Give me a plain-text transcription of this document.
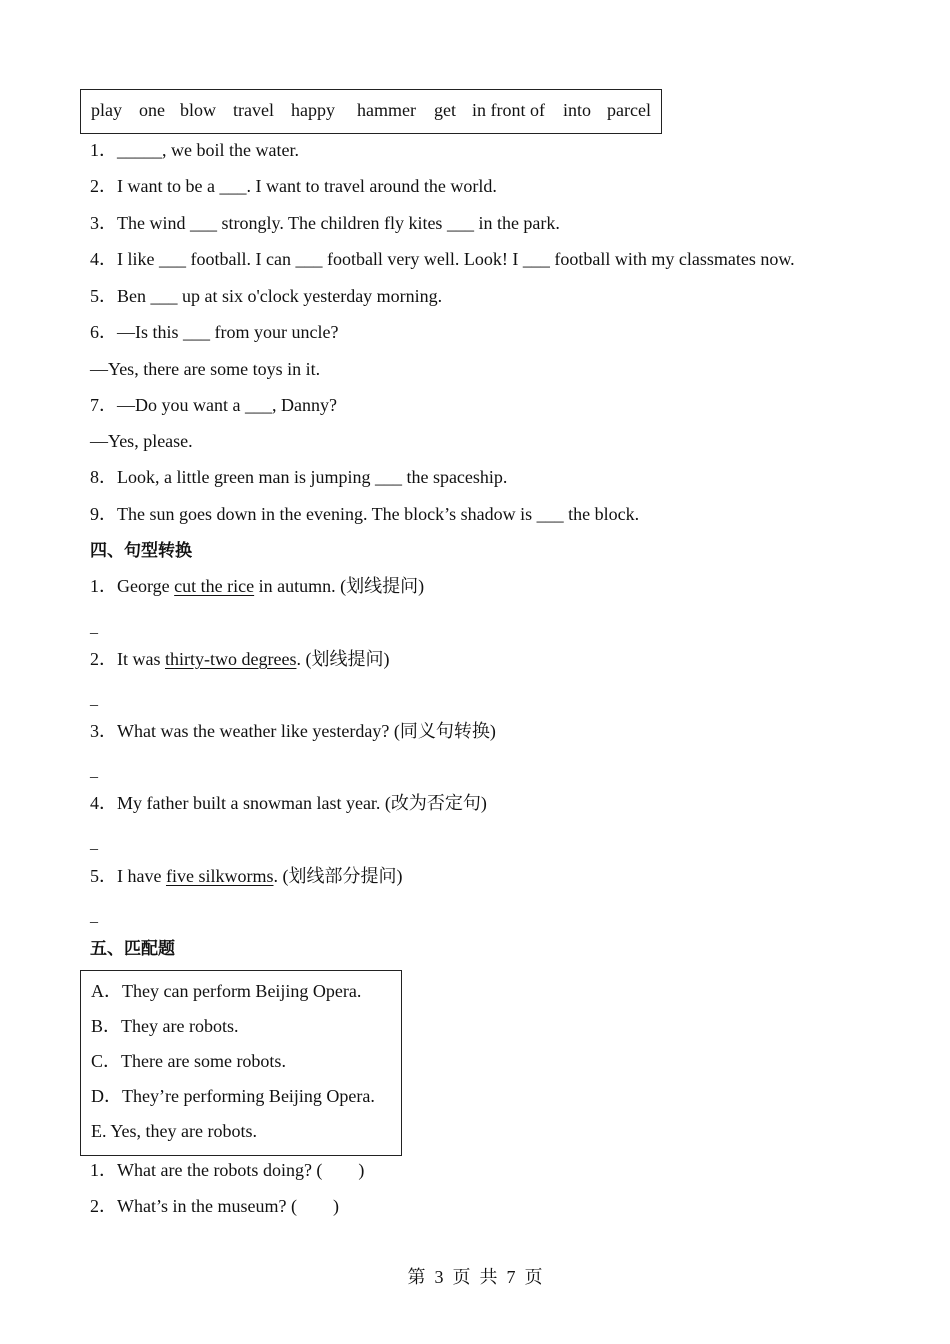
play one blow travel happy hammer get in front of into parcel
1．_____, we boil the water.
2．I want to be a ___. I want to travel around the world.
3．The wind ___ strongly. The children fly kites ___ in the park.
4．I like ___ football. I can ___ football very well. Look! I ___ football with my classmates now.
5．Ben ___ up at six o'clock yesterday morning.
6．—Is this ___ from your uncle?
—Yes, there are some toys in it.
7．—Do you want a ___, Danny?
—Yes, please.
8．Look, a little green man is jumping ___ the spaceship.
9．The sun goes down in the evening. The block’s shadow is ___ the block.
四、句型转换
1．George cut the rice in autumn. (划线提问)
_
2．It was thirty-two degrees. (划线提问)
_
3．What was the weather like yesterday? (同义句转换)
_
4．My father built a snowman last year. (改为否定句)
_
5．I have five silkworms. (划线部分提问)
_
五、匹配题
A．They can perform Beijing Opera.
B．They are robots.
C．There are some robots.
D．They’re performing Beijing Opera.
E. Yes, they are robots.
1．What are the robots doing? (　　)
2．What’s in the museum? (　　)
第  3  页  共  7  页
